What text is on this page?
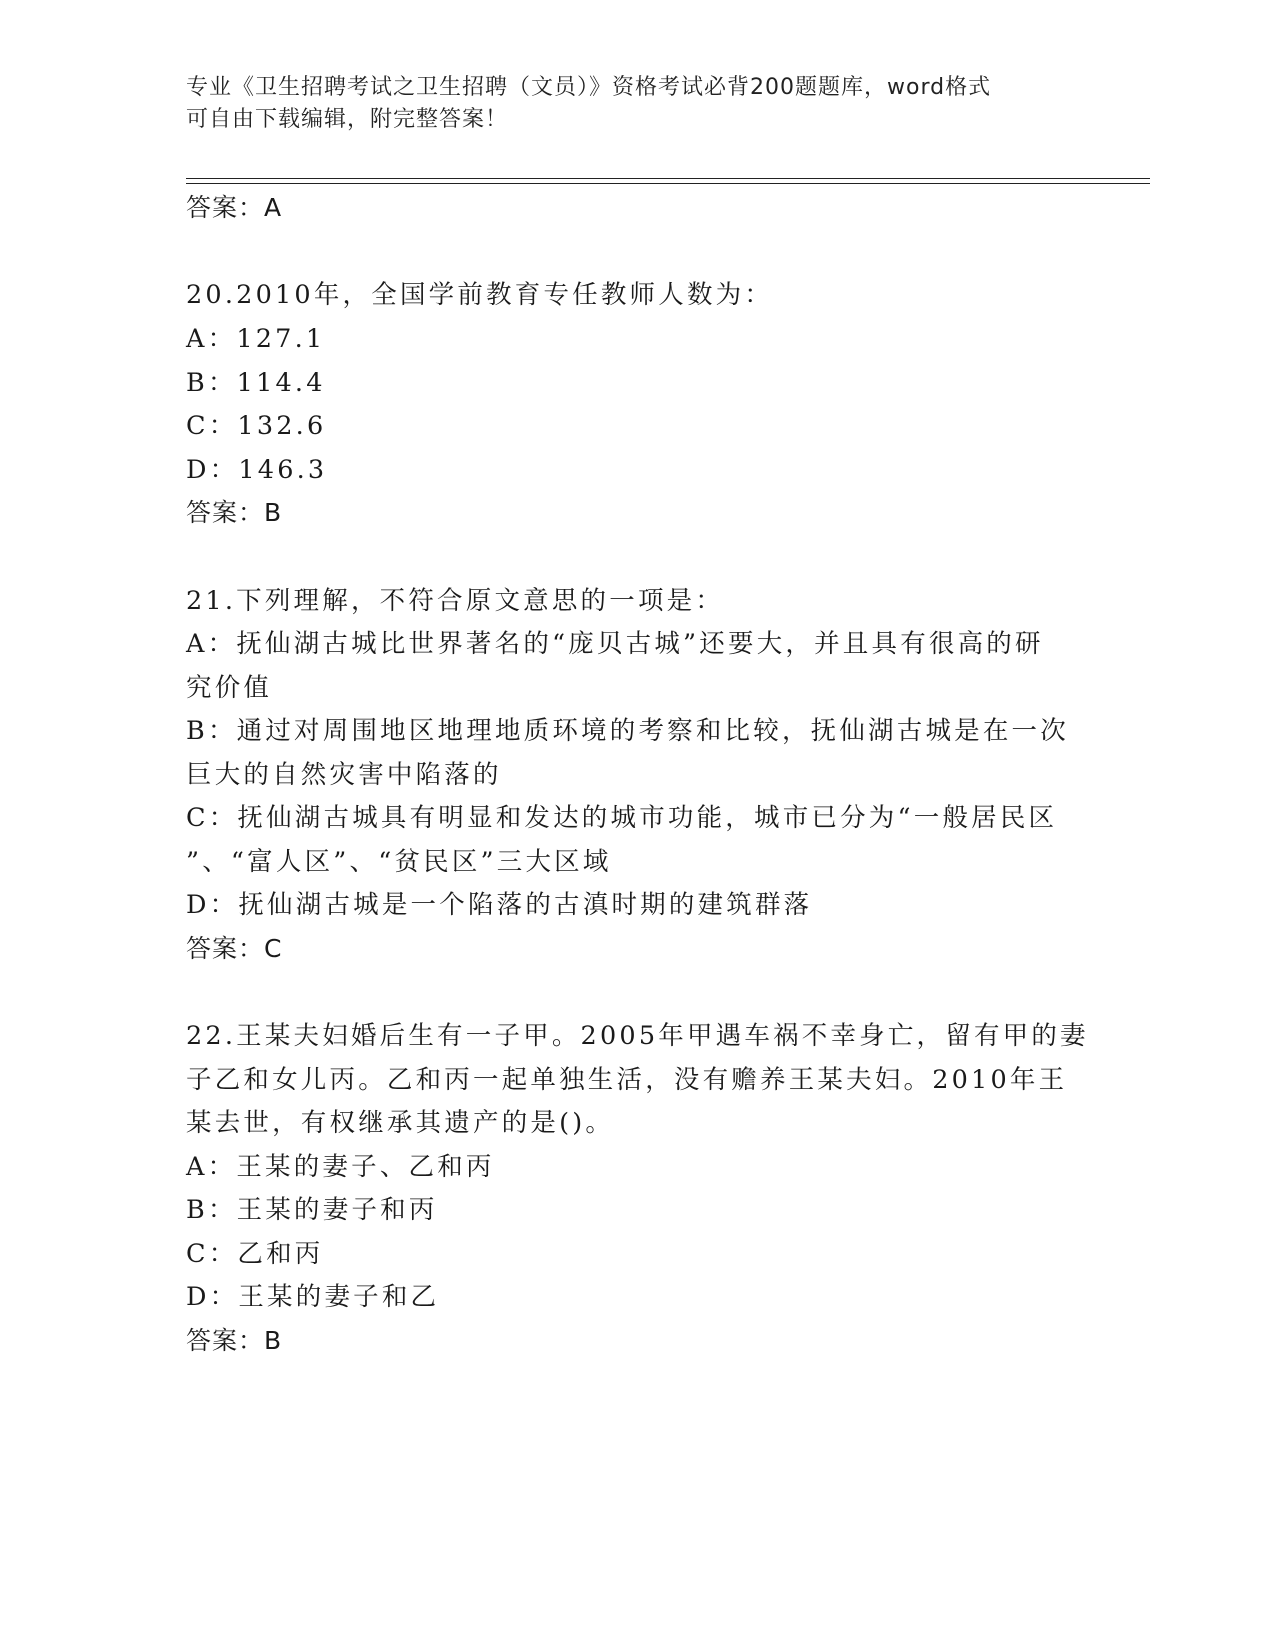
专业《卫生招聘考试之卫生招聘（文员）》资格考试必背200题题库，word格式
可自由下载编辑，附完整答案！
答案：A
20.2010年，全国学前教育专任教师人数为：
A：127.1
B：114.4
C：132.6
D：146.3
答案：B
21.下列理解，不符合原文意思的一项是：
A：抚仙湖古城比世界著名的“庞贝古城”还要大，并且具有很高的研
究价值
B：通过对周围地区地理地质环境的考察和比较，抚仙湖古城是在一次
巨大的自然灾害中陷落的
C：抚仙湖古城具有明显和发达的城市功能，城市已分为“一般居民区
”、“富人区”、“贫民区”三大区域
D：抚仙湖古城是一个陷落的古滇时期的建筑群落
答案：C
22.王某夫妇婚后生有一子甲。2005年甲遇车祸不幸身亡，留有甲的妻
子乙和女儿丙。乙和丙一起单独生活，没有赡养王某夫妇。2010年王
某去世，有权继承其遗产的是()。
A：王某的妻子、乙和丙
B：王某的妻子和丙
C：乙和丙
D：王某的妻子和乙
答案：B
